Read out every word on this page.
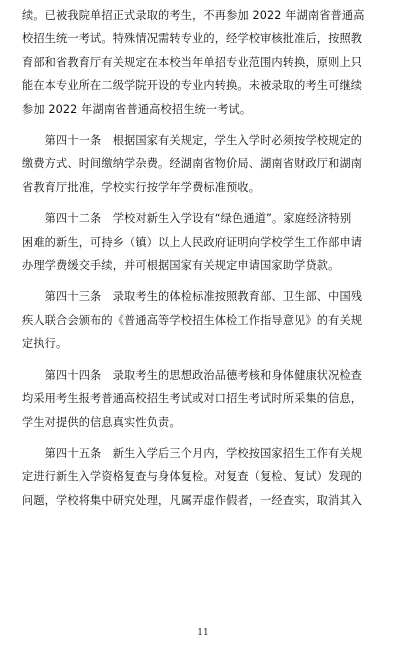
续。已被我院单招正式录取的考生，不再参加 2022 年湖南省普通高
校招生统一考试。特殊情况需转专业的，经学校审核批准后，按照教
育部和省教育厅有关规定在本校当年单招专业范围内转换，原则上只
能在本专业所在二级学院开设的专业内转换。未被录取的考生可继续
参加 2022 年湖南省普通高校招生统一考试。

　　第四十一条　根据国家有关规定，学生入学时必须按学校规定的
缴费方式、时间缴纳学杂费。经湖南省物价局、湖南省财政厅和湖南
省教育厅批准，学校实行按学年学费标准预收。

　　第四十二条　学校对新生入学设有“绿色通道”。家庭经济特别
困难的新生，可持乡（镇）以上人民政府证明向学校学生工作部申请
办理学费缓交手续，并可根据国家有关规定申请国家助学贷款。

　　第四十三条　录取考生的体检标准按照教育部、卫生部、中国残
疾人联合会颁布的《普通高等学校招生体检工作指导意见》的有关规
定执行。

　　第四十四条　录取考生的思想政治品德考核和身体健康状况检查
均采用考生报考普通高校招生考试或对口招生考试时所采集的信息，
学生对提供的信息真实性负责。

　　第四十五条　新生入学后三个月内，学校按国家招生工作有关规
定进行新生入学资格复查与身体复检。对复查（复检、复试）发现的
问题，学校将集中研究处理，凡属弄虚作假者，一经查实，取消其入

11
